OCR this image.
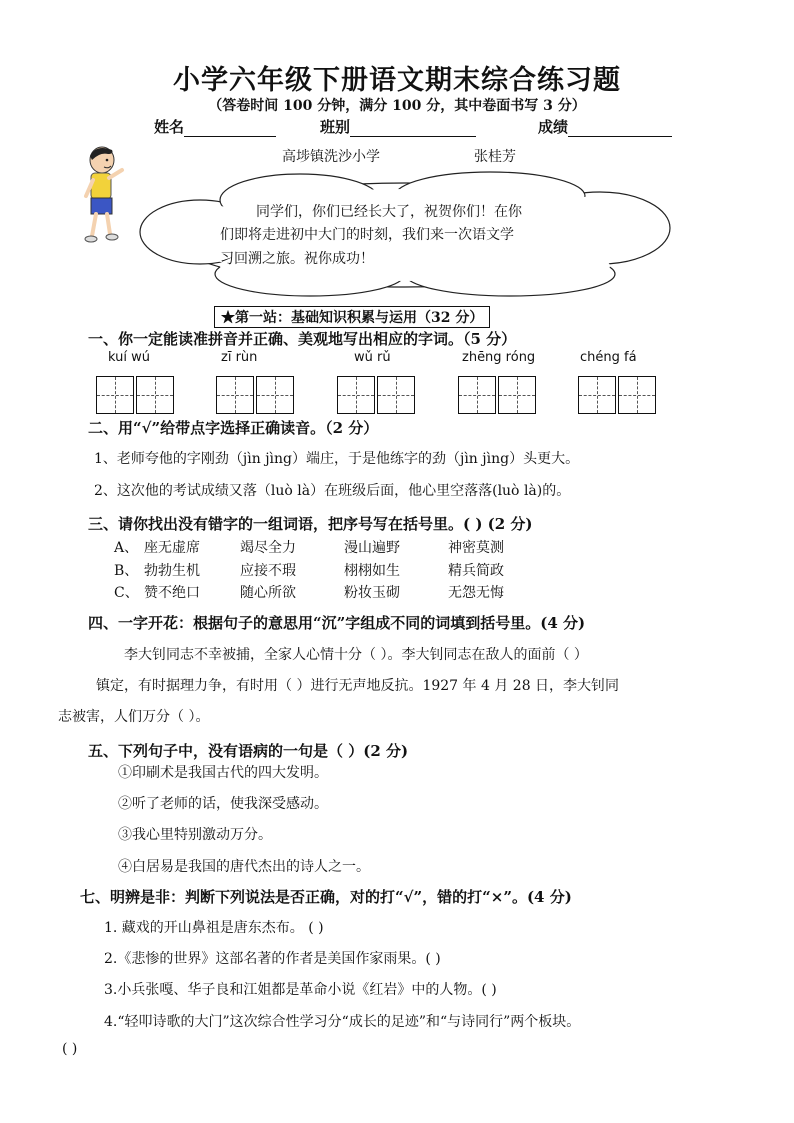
小学六年级下册语文期末综合练习题
（答卷时间 100 分钟，满分 100 分，其中卷面书写 3 分）
姓名	班别	成绩
高埗镇洗沙小学	张桂芳
同学们，你们已经长大了，祝贺你们！在你
们即将走进初中大门的时刻，我们来一次语文学
习回溯之旅。祝你成功！
★第一站：基础知识积累与运用（32 分）
一、你一定能读准拼音并正确、美观地写出相应的字词。（5 分）
kuí wú	zī rùn	wǔ rǔ	zhēng róng	chéng fá
二、用“√”给带点字选择正确读音。（2 分）
1、老师夸他的字刚劲（jìn jìng）端庄，于是他练字的劲（jìn jìng）头更大。
2、这次他的考试成绩又落（luò là）在班级后面，他心里空落落(luò là)的。
三、请你找出没有错字的一组词语，把序号写在括号里。( ) (2 分)
A、 座无虚席	竭尽全力	漫山遍野	神密莫测
B、 勃勃生机	应接不瑕	栩栩如生	精兵简政
C、 赞不绝口	随心所欲	粉妆玉砌	无怨无悔
四、一字开花：根据句子的意思用“沉”字组成不同的词填到括号里。(4 分)
李大钊同志不幸被捕，全家人心情十分（ ）。李大钊同志在敌人的面前（ ）
镇定，有时据理力争，有时用（ ）进行无声地反抗。1927 年 4 月 28 日，李大钊同
志被害，人们万分（ ）。
五、下列句子中，没有语病的一句是（ ）(2 分)
①印刷术是我国古代的四大发明。
②听了老师的话，使我深受感动。
③我心里特别激动万分。
④白居易是我国的唐代杰出的诗人之一。
七、明辨是非：判断下列说法是否正确，对的打“√”，错的打“×”。(4 分)
1. 藏戏的开山鼻祖是唐东杰布。 ( )
2.《悲惨的世界》这部名著的作者是美国作家雨果。( )
3.小兵张嘎、华子良和江姐都是革命小说《红岩》中的人物。( )
4.“轻叩诗歌的大门”这次综合性学习分“成长的足迹”和“与诗同行”两个板块。
( )
